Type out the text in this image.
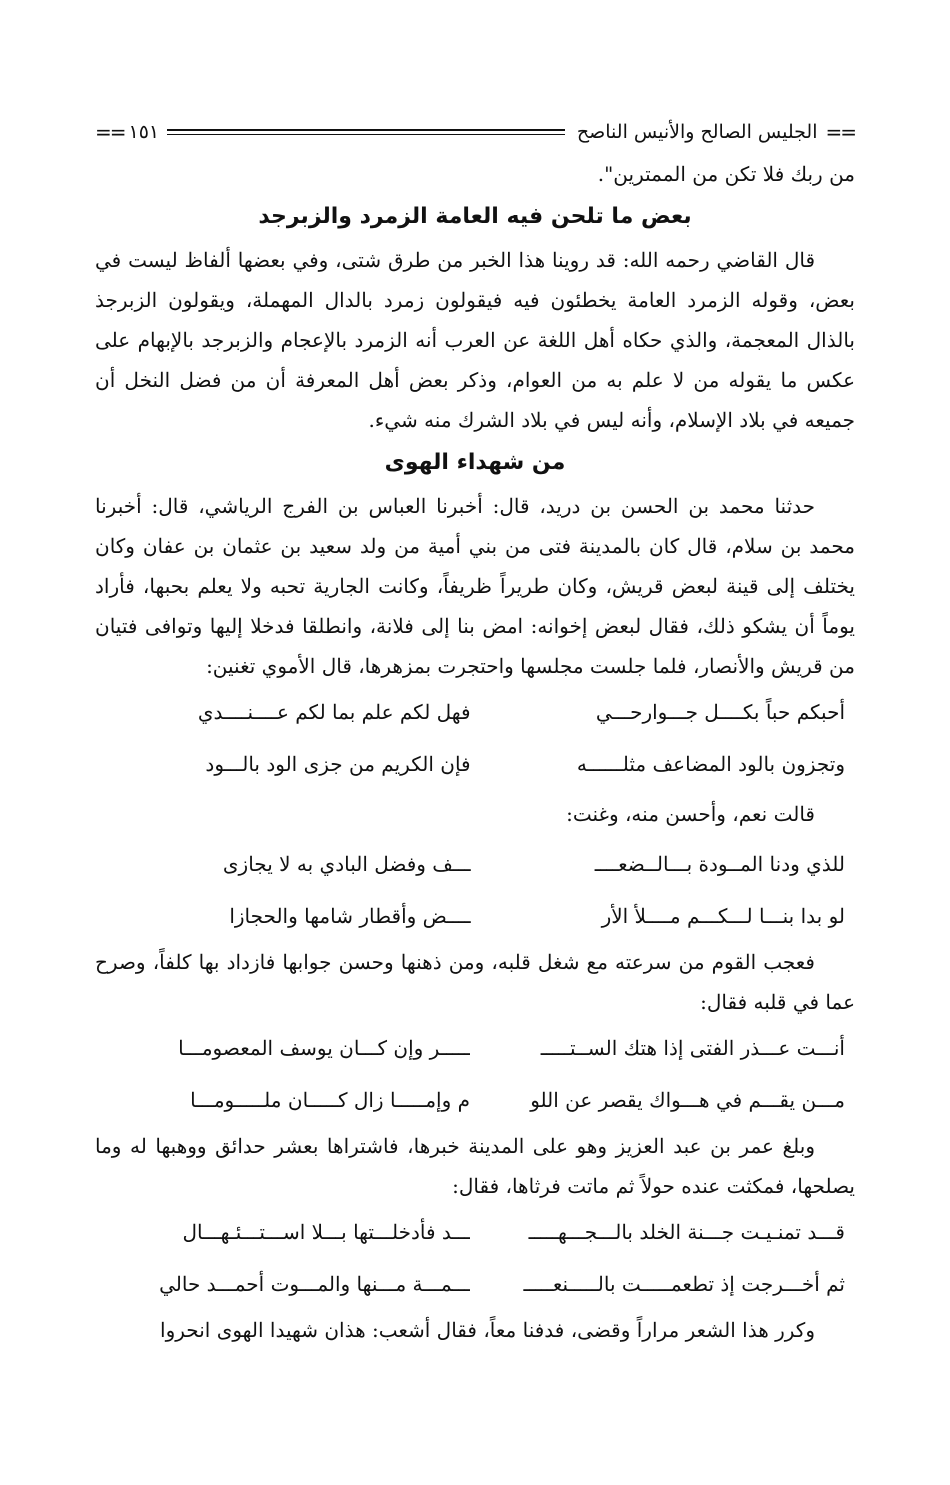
==
الجليس الصالح والأنيس الناصح
١٥١
==

من ربك فلا تكن من الممترين".

بعض ما تلحن فيه العامة الزمرد والزبرجد

قال القاضي رحمه الله: قد روينا هذا الخبر من طرق شتى، وفي بعضها ألفاظ ليست في بعض، وقوله الزمرد العامة يخطئون فيه فيقولون زمرد بالدال المهملة، ويقولون الزبرجذ بالذال المعجمة، والذي حكاه أهل اللغة عن العرب أنه الزمرد بالإعجام والزبرجد بالإبهام على عكس ما يقوله من لا علم به من العوام، وذكر بعض أهل المعرفة أن من فضل النخل أن جميعه في بلاد الإسلام، وأنه ليس في بلاد الشرك منه شيء.

من شهداء الهوى

حدثنا محمد بن الحسن بن دريد، قال: أخبرنا العباس بن الفرج الرياشي، قال: أخبرنا محمد بن سلام، قال كان بالمدينة فتى من بني أمية من ولد سعيد بن عثمان بن عفان وكان يختلف إلى قينة لبعض قريش، وكان طريراً ظريفاً، وكانت الجارية تحبه ولا يعلم بحبها، فأراد يوماً أن يشكو ذلك، فقال لبعض إخوانه: امض بنا إلى فلانة، وانطلقا فدخلا إليها وتوافى فتيان من قريش والأنصار، فلما جلست مجلسها واحتجرت بمزهرها، قال الأموي تغنين:

أحبكم حباً بكــــل جـــوارحـــي
فهل لكم علم بما لكم عــــنــــدي
وتجزون بالود المضاعف مثلــــــه
فإن الكريم من جزى الود بالـــود

قالت نعم، وأحسن منه، وغنت:

للذي ودنا المــودة بـــالــضعــــ
ـــف وفضل البادي به لا يجازى
لو بدا بنـــا لـــكـــم مــــلأ الأر
ــــض وأقطار شامها والحجازا

فعجب القوم من سرعته مع شغل قلبه، ومن ذهنها وحسن جوابها فازداد بها كلفاً، وصرح عما في قلبه فقال:

أنـــت عـــذر الفتى إذا هتك الســتـــــ
ـــــر وإن كـــان يوسف المعصومـــا
مـــن يقـــم في هـــواك يقصر عن اللو
م وإمـــــا زال كـــــان ملـــــومـــا

وبلغ عمر بن عبد العزيز وهو على المدينة خبرها، فاشتراها بعشر حدائق ووهبها له وما يصلحها، فمكثت عنده حولاً ثم ماتت فرثاها، فقال:

قـــد تمنـيـت جـــنة الخلد بالـــجـــهـــــ
ـــد فأدخلـــتها بـــلا اســـتـــئـهـــال
ثم أخـــرجت إذ تطعمـــــت بالـــــنعـــــ
ـــمـــة مـــنها والمـــوت أحمـــد حالي

وكرر هذا الشعر مراراً وقضى، فدفنا معاً، فقال أشعب: هذان شهيدا الهوى انحروا
